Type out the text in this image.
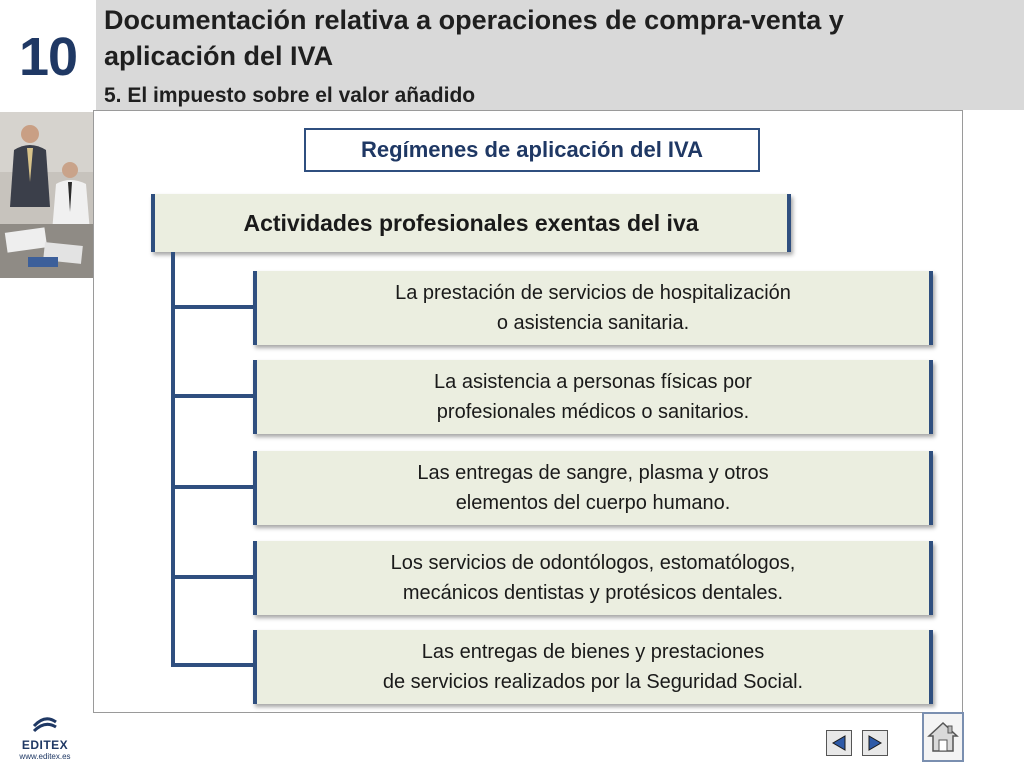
10
Documentación relativa a operaciones de compra-venta y
aplicación del IVA
5. El impuesto sobre el valor añadido
Regímenes de aplicación del IVA
Actividades profesionales exentas del iva
La prestación de servicios de hospitalización
o asistencia sanitaria.
La asistencia a personas físicas por
profesionales médicos o sanitarios.
Las entregas de sangre, plasma y otros
elementos del cuerpo humano.
Los servicios de odontólogos, estomatólogos,
mecánicos dentistas y protésicos dentales.
Las entregas de bienes y prestaciones
de servicios realizados por la Seguridad Social.
EDITEX
www.editex.es
